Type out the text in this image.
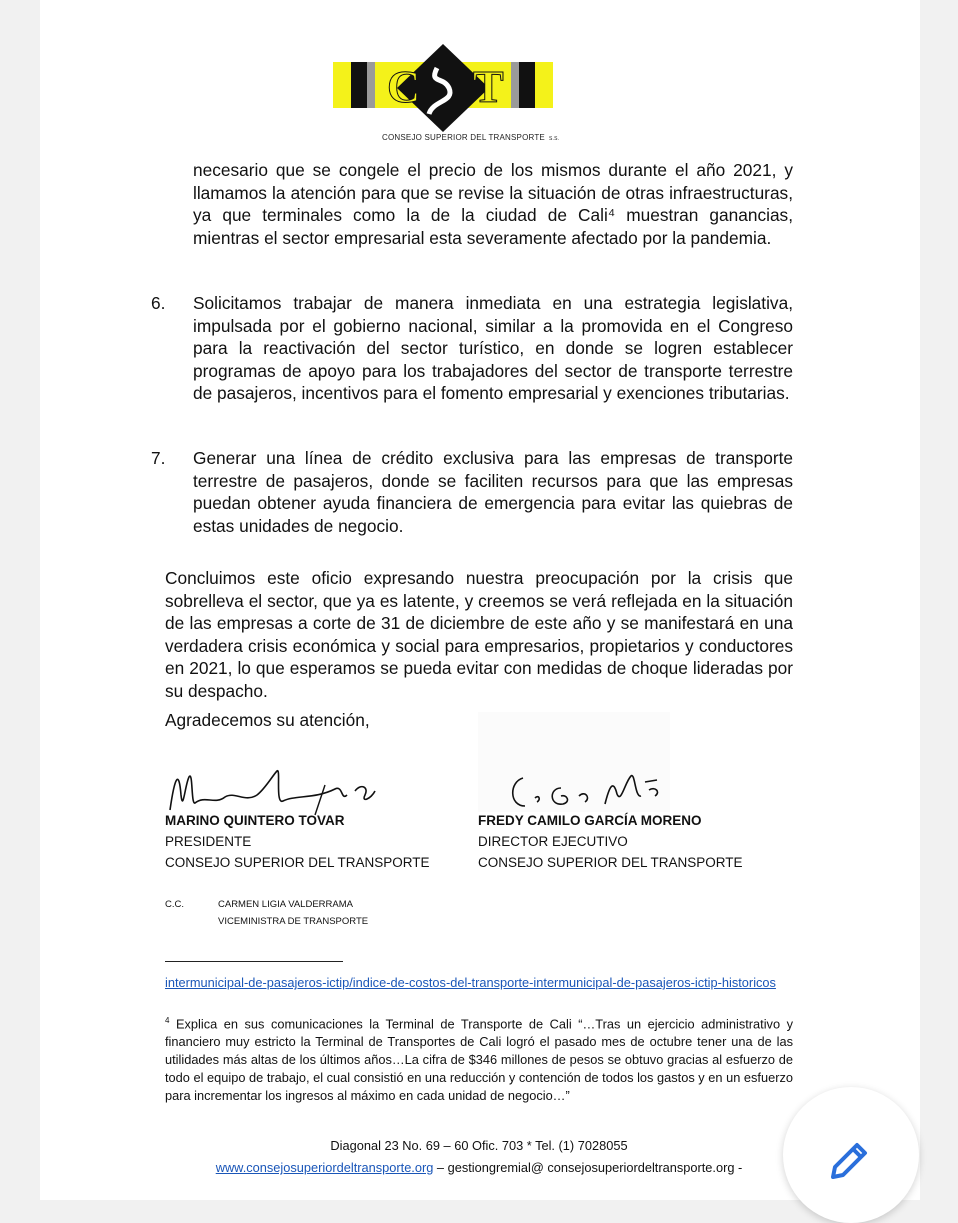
C T
CONSEJO SUPERIOR DEL TRANSPORTE S.S.
necesario que se congele el precio de los mismos durante el año 2021, y llamamos la atención para que se revise la situación de otras infraestructuras, ya que terminales como la de la ciudad de Cali⁴ muestran ganancias, mientras el sector empresarial esta severamente afectado por la pandemia.
6. Solicitamos trabajar de manera inmediata en una estrategia legislativa, impulsada por el gobierno nacional, similar a la promovida en el Congreso para la reactivación del sector turístico, en donde se logren establecer programas de apoyo para los trabajadores del sector de transporte terrestre de pasajeros, incentivos para el fomento empresarial y exenciones tributarias.
7. Generar una línea de crédito exclusiva para las empresas de transporte terrestre de pasajeros, donde se faciliten recursos para que las empresas puedan obtener ayuda financiera de emergencia para evitar las quiebras de estas unidades de negocio.
Concluimos este oficio expresando nuestra preocupación por la crisis que sobrelleva el sector, que ya es latente, y creemos se verá reflejada en la situación de las empresas a corte de 31 de diciembre de este año y se manifestará en una verdadera crisis económica y social para empresarios, propietarios y conductores en 2021, lo que esperamos se pueda evitar con medidas de choque lideradas por su despacho.
Agradecemos su atención,
MARINO QUINTERO TOVAR
PRESIDENTE
CONSEJO SUPERIOR DEL TRANSPORTE
FREDY CAMILO GARCÍA MORENO
DIRECTOR EJECUTIVO
CONSEJO SUPERIOR DEL TRANSPORTE
C.C.	CARMEN LIGIA VALDERRAMA
VICEMINISTRA DE TRANSPORTE
intermunicipal-de-pasajeros-ictip/indice-de-costos-del-transporte-intermunicipal-de-pasajeros-ictip-historicos
$^4$ Explica en sus comunicaciones la Terminal de Transporte de Cali “…Tras un ejercicio administrativo y financiero muy estricto la Terminal de Transportes de Cali logró el pasado mes de octubre tener una de las utilidades más altas de los últimos años…La cifra de $346 millones de pesos se obtuvo gracias al esfuerzo de todo el equipo de trabajo, el cual consistió en una reducción y contención de todos los gastos y en un esfuerzo para incrementar los ingresos al máximo en cada unidad de negocio…”
Diagonal 23 No. 69 – 60 Ofic. 703 * Tel. (1) 7028055
www.consejosuperiordeltransporte.org – gestiongremial@ consejosuperiordeltransporte.org -
